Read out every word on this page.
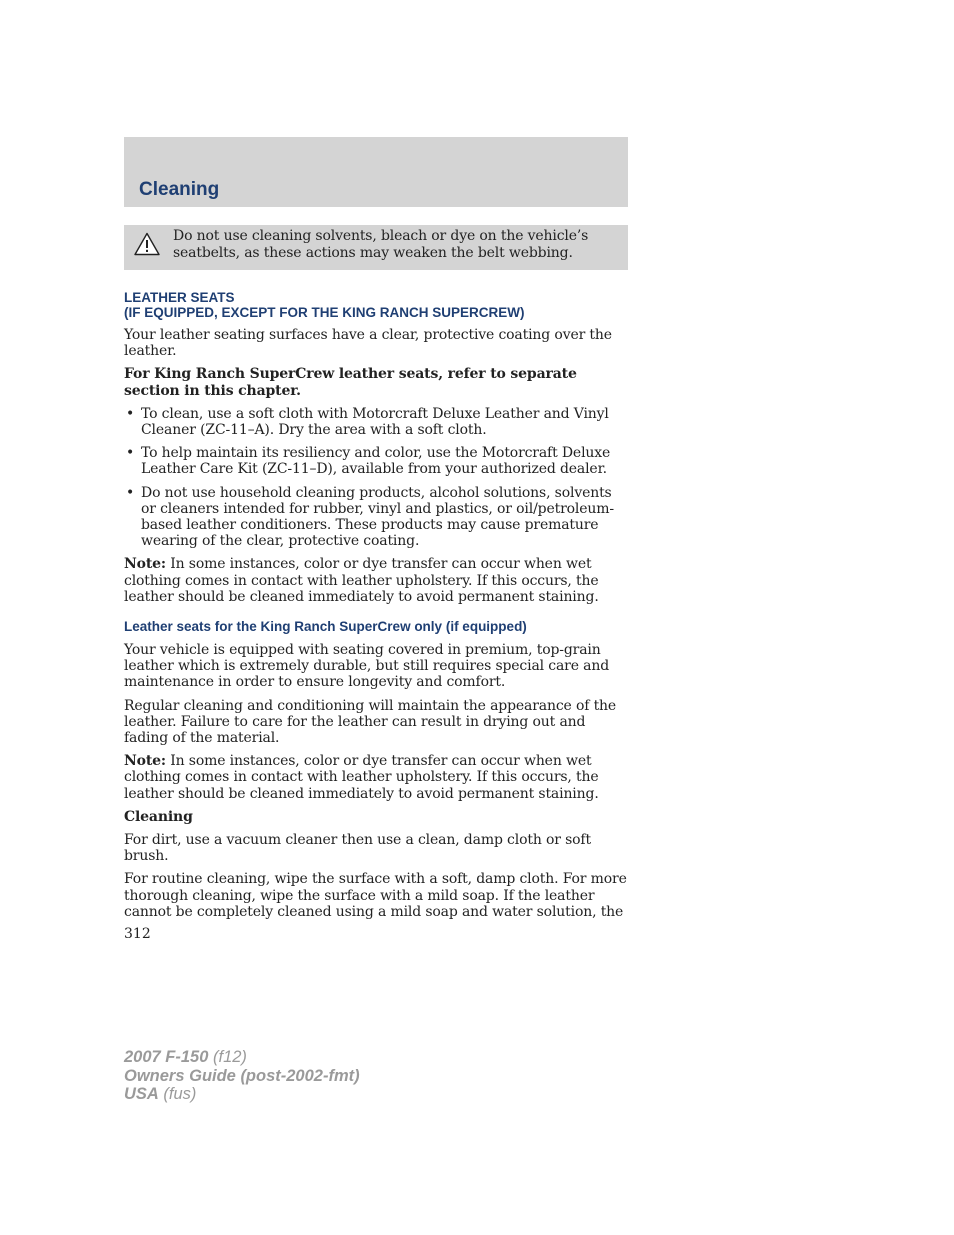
Cleaning

Do not use cleaning solvents, bleach or dye on the vehicle’s seatbelts, as these actions may weaken the belt webbing.

LEATHER SEATS
(IF EQUIPPED, EXCEPT FOR THE KING RANCH SUPERCREW)

Your leather seating surfaces have a clear, protective coating over the leather.

For King Ranch SuperCrew leather seats, refer to separate section in this chapter.

• To clean, use a soft cloth with Motorcraft Deluxe Leather and Vinyl Cleaner (ZC-11–A). Dry the area with a soft cloth.
• To help maintain its resiliency and color, use the Motorcraft Deluxe Leather Care Kit (ZC-11–D), available from your authorized dealer.
• Do not use household cleaning products, alcohol solutions, solvents or cleaners intended for rubber, vinyl and plastics, or oil/petroleum-based leather conditioners. These products may cause premature wearing of the clear, protective coating.

Note: In some instances, color or dye transfer can occur when wet clothing comes in contact with leather upholstery. If this occurs, the leather should be cleaned immediately to avoid permanent staining.

Leather seats for the King Ranch SuperCrew only (if equipped)

Your vehicle is equipped with seating covered in premium, top-grain leather which is extremely durable, but still requires special care and maintenance in order to ensure longevity and comfort.

Regular cleaning and conditioning will maintain the appearance of the leather. Failure to care for the leather can result in drying out and fading of the material.

Note: In some instances, color or dye transfer can occur when wet clothing comes in contact with leather upholstery. If this occurs, the leather should be cleaned immediately to avoid permanent staining.

Cleaning

For dirt, use a vacuum cleaner then use a clean, damp cloth or soft brush.

For routine cleaning, wipe the surface with a soft, damp cloth. For more thorough cleaning, wipe the surface with a mild soap. If the leather cannot be completely cleaned using a mild soap and water solution, the

312

2007 F-150 (f12)
Owners Guide (post-2002-fmt)
USA (fus)
